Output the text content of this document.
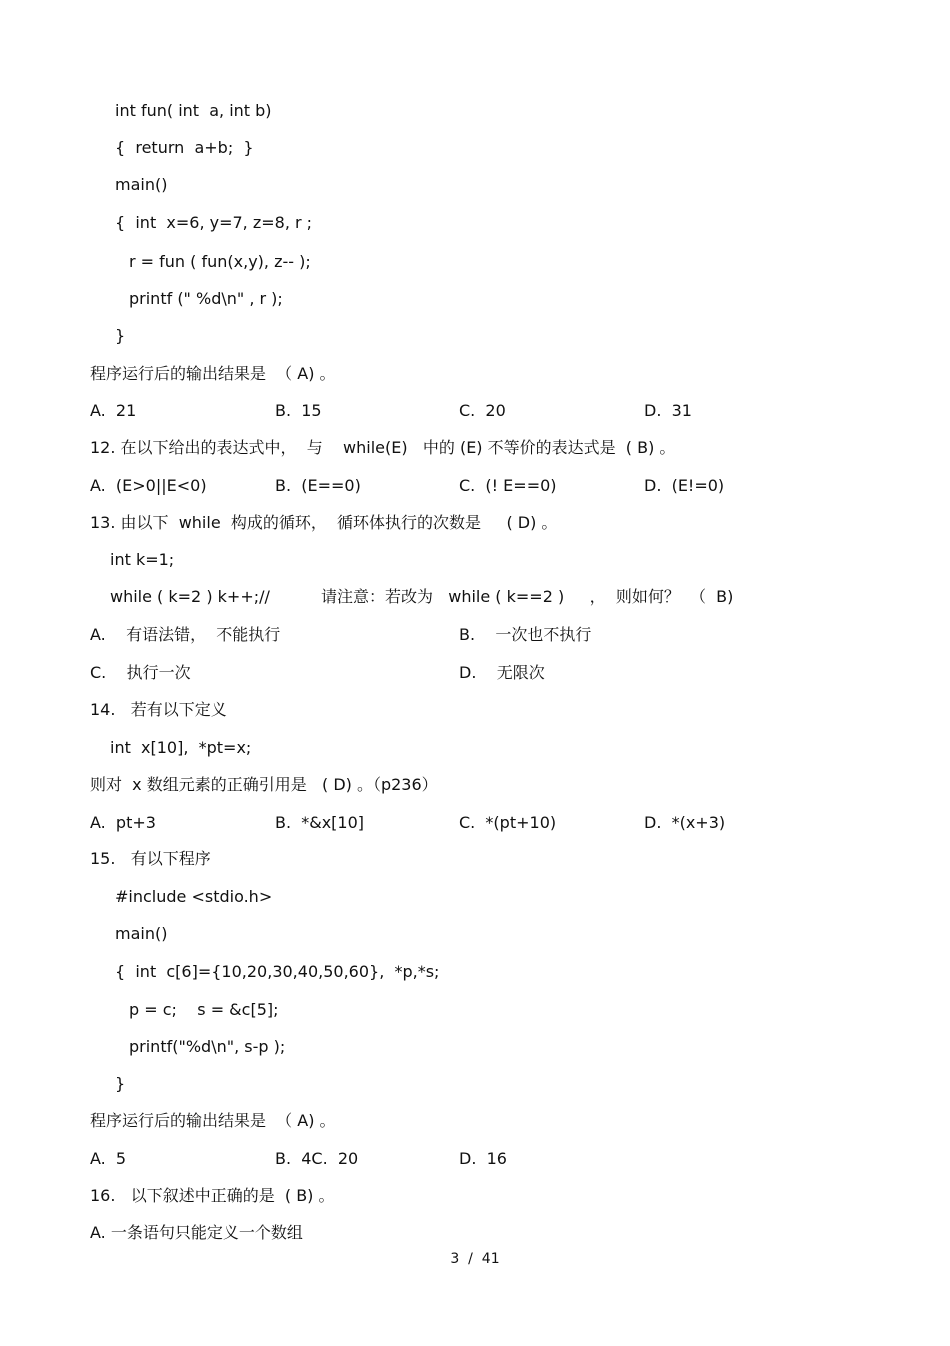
int fun( int  a, int b)
{  return  a+b;  }
main()
{  int  x=6, y=7, z=8, r ;
r = fun ( fun(x,y), z-- );
printf (" %d\n" , r );
}
程序运行后的输出结果是  （ A) 。
A.  21	B.  15	C.  20	D.  31
12. 在以下给出的表达式中，  与    while(E)   中的 (E) 不等价的表达式是  ( B) 。
A.  (E>0||E<0)	B.  (E==0)	C.  (! E==0)	D.  (E!=0)
13. 由以下  while  构成的循环，  循环体执行的次数是     ( D) 。
int k=1;
while ( k=2 ) k++;//	请注意：若改为   while ( k==2 )     ，  则如何？  （  B)
A.    有语法错，  不能执行	B.    一次也不执行
C.    执行一次	D.    无限次
14.   若有以下定义
int  x[10],  *pt=x;
则对  x 数组元素的正确引用是   ( D) 。（p236）
A.  pt+3	B.  *&x[10]	C.  *(pt+10)	D.  *(x+3)
15.   有以下程序
#include <stdio.h>
main()
{  int  c[6]={10,20,30,40,50,60},  *p,*s;
p = c;    s = &c[5];
printf("%d\n", s-p );
}
程序运行后的输出结果是  （ A) 。
A.  5	B.  4C.  20	D.  16
16.   以下叙述中正确的是  ( B) 。
A. 一条语句只能定义一个数组
3  /  41
